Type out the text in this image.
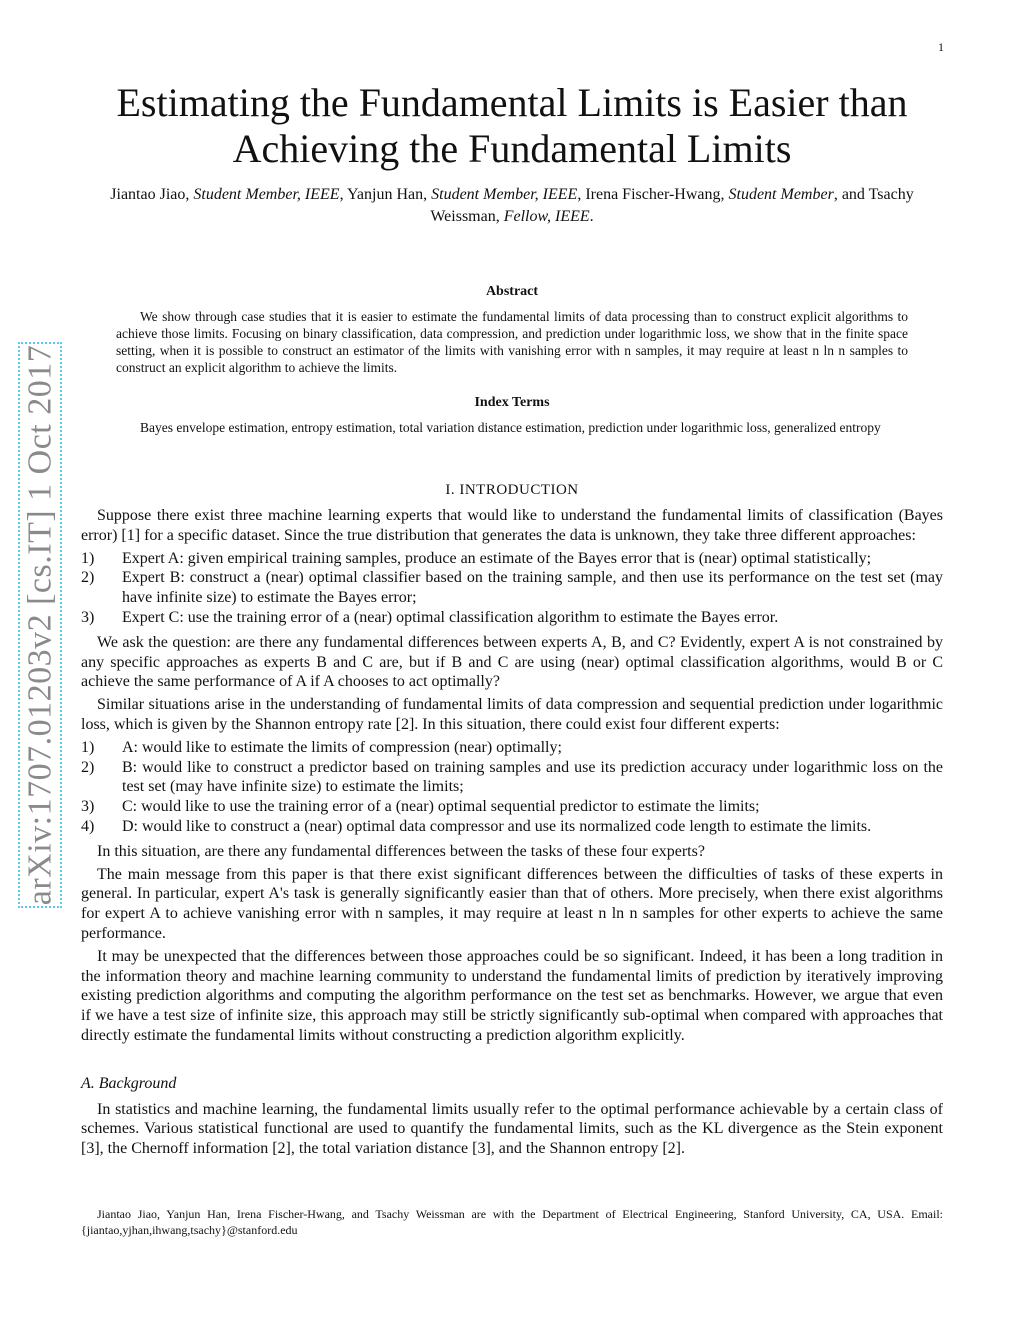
1
arXiv:1707.01203v2 [cs.IT] 1 Oct 2017
Estimating the Fundamental Limits is Easier than Achieving the Fundamental Limits
Jiantao Jiao, Student Member, IEEE, Yanjun Han, Student Member, IEEE, Irena Fischer-Hwang, Student Member, and Tsachy Weissman, Fellow, IEEE.
Abstract
We show through case studies that it is easier to estimate the fundamental limits of data processing than to construct explicit algorithms to achieve those limits. Focusing on binary classification, data compression, and prediction under logarithmic loss, we show that in the finite space setting, when it is possible to construct an estimator of the limits with vanishing error with n samples, it may require at least n ln n samples to construct an explicit algorithm to achieve the limits.
Index Terms
Bayes envelope estimation, entropy estimation, total variation distance estimation, prediction under logarithmic loss, generalized entropy
I. INTRODUCTION

Suppose there exist three machine learning experts that would like to understand the fundamental limits of classification (Bayes error) [1] for a specific dataset. Since the true distribution that generates the data is unknown, they take three different approaches:

1) Expert A: given empirical training samples, produce an estimate of the Bayes error that is (near) optimal statistically;
2) Expert B: construct a (near) optimal classifier based on the training sample, and then use its performance on the test set (may have infinite size) to estimate the Bayes error;
3) Expert C: use the training error of a (near) optimal classification algorithm to estimate the Bayes error.

We ask the question: are there any fundamental differences between experts A, B, and C? Evidently, expert A is not constrained by any specific approaches as experts B and C are, but if B and C are using (near) optimal classification algorithms, would B or C achieve the same performance of A if A chooses to act optimally?

Similar situations arise in the understanding of fundamental limits of data compression and sequential prediction under logarithmic loss, which is given by the Shannon entropy rate [2]. In this situation, there could exist four different experts:

1) A: would like to estimate the limits of compression (near) optimally;
2) B: would like to construct a predictor based on training samples and use its prediction accuracy under logarithmic loss on the test set (may have infinite size) to estimate the limits;
3) C: would like to use the training error of a (near) optimal sequential predictor to estimate the limits;
4) D: would like to construct a (near) optimal data compressor and use its normalized code length to estimate the limits.

In this situation, are there any fundamental differences between the tasks of these four experts?

The main message from this paper is that there exist significant differences between the difficulties of tasks of these experts in general. In particular, expert A's task is generally significantly easier than that of others. More precisely, when there exist algorithms for expert A to achieve vanishing error with n samples, it may require at least n ln n samples for other experts to achieve the same performance.

It may be unexpected that the differences between those approaches could be so significant. Indeed, it has been a long tradition in the information theory and machine learning community to understand the fundamental limits of prediction by iteratively improving existing prediction algorithms and computing the algorithm performance on the test set as benchmarks. However, we argue that even if we have a test size of infinite size, this approach may still be strictly significantly sub-optimal when compared with approaches that directly estimate the fundamental limits without constructing a prediction algorithm explicitly.

A. Background

In statistics and machine learning, the fundamental limits usually refer to the optimal performance achievable by a certain class of schemes. Various statistical functional are used to quantify the fundamental limits, such as the KL divergence as the Stein exponent [3], the Chernoff information [2], the total variation distance [3], and the Shannon entropy [2].

Jiantao Jiao, Yanjun Han, Irena Fischer-Hwang, and Tsachy Weissman are with the Department of Electrical Engineering, Stanford University, CA, USA. Email: {jiantao,yjhan,ihwang,tsachy}@stanford.edu
